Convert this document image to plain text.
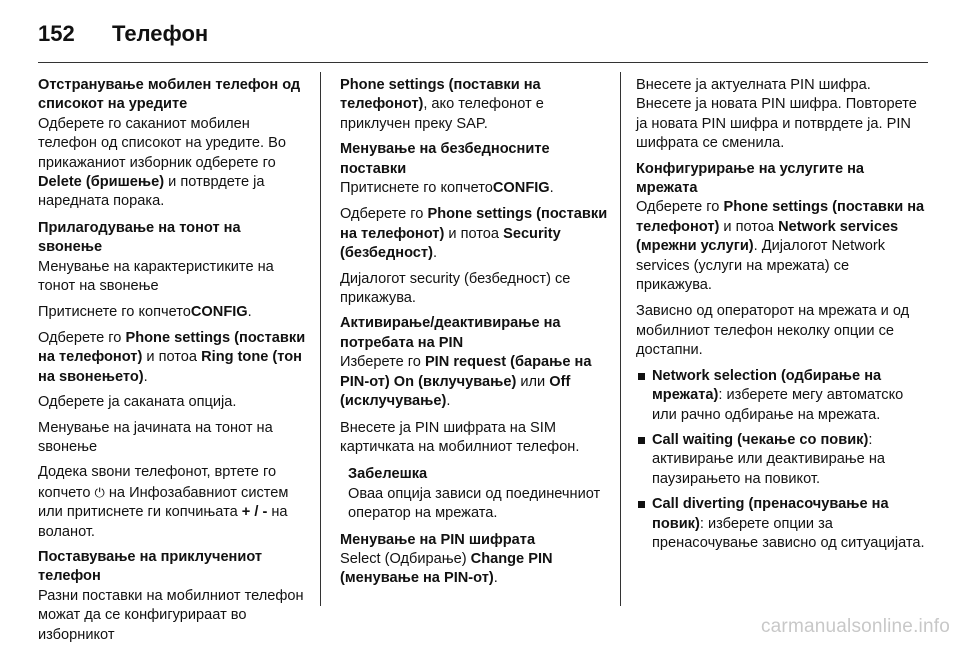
152	Телефон

Отстранување мобилен телефон од списокот на уредите

Одберете го саканиот мобилен телефон од списокот на уредите. Во прикажаниот изборник одберете го Delete (бришење) и потврдете ја наредната порака.

Прилагодување на тонот на ѕвонење

Менување на карактеристиките на тонот на ѕвонење

Притиснете го копчетоCONFIG.

Одберете го Phone settings (поставки на телефонот) и потоа Ring tone (тон на ѕвонењето).

Одберете ја саканата опција.

Менување на јачината на тонот на ѕвонење

Додека ѕвони телефонот, вртете го копчето ⏻ на Инфозабавниот систем или притиснете ги копчињата + / - на воланот.

Поставување на приклучениот телефон

Разни поставки на мобилниот телефон можат да се конфигурираат во изборникот

Phone settings (поставки на телефонот), ако телефонот е приклучен преку SAP.

Менување на безбедносните поставки

Притиснете го копчетоCONFIG.

Одберете го Phone settings (поставки на телефонот) и потоа Security (безбедност).

Дијалогот security (безбедност) се прикажува.

Активирање/деактивирање на потребата на PIN

Изберете го PIN request (барање на PIN-от) On (вклучување) или Off (исклучување).

Внесете ја PIN шифрата на SIM картичката на мобилниот телефон.

Забелешка

Оваа опција зависи од поединечниот оператор на мрежата.

Менување на PIN шифрата

Select (Одбирање) Change PIN (менување на PIN-от).

Внесете ја актуелната PIN шифра. Внесете ја новата PIN шифра. Повторете ја новата PIN шифра и потврдете ја. PIN шифрата се сменила.

Конфигурирање на услугите на мрежата

Одберете го Phone settings (поставки на телефонот) и потоа Network services (мрежни услуги). Дијалогот Network services (услуги на мрежата) се прикажува.

Зависно од операторот на мрежата и од мобилниот телефон неколку опции се достапни.

Network selection (одбирање на мрежата): изберете мегу автоматско или рачно одбирање на мрежата.
Call waiting (чекање со повик): активирање или деактивирање на паузирањето на повикот.
Call diverting (пренасочување на повик): изберете опции за пренасочување зависно од ситуацијата.
carmanualsonline.info
